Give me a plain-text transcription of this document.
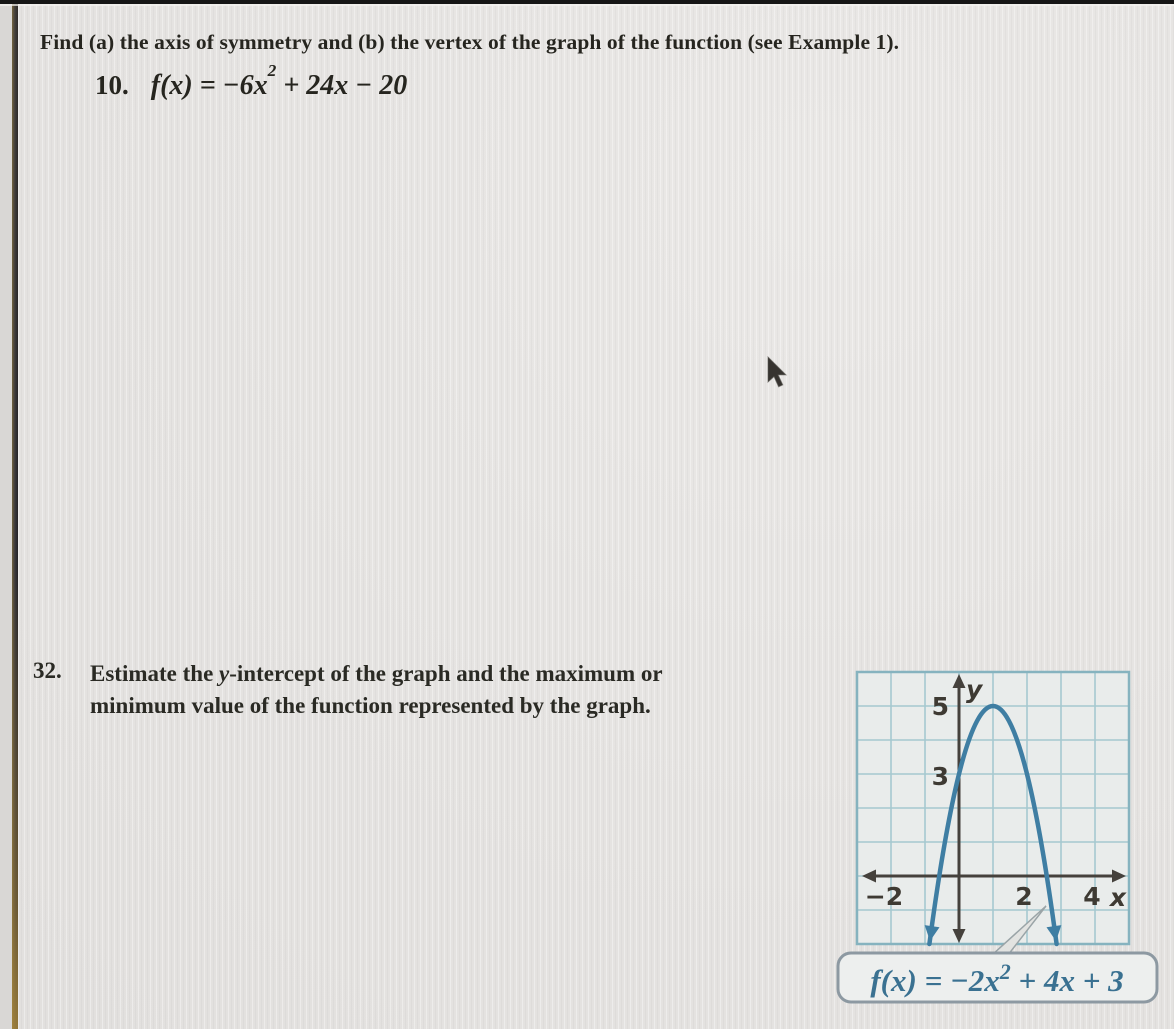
Find (a) the axis of symmetry and (b) the vertex of the graph of the function (see Example 1).
10. $f(x) = -6x^2 + 24x - 20$
32.	Estimate the y-intercept of the graph and the maximum or
minimum value of the function represented by the graph.	5
3
−2	2 4 x
y
$f(x) = -2x^2 + 4x + 3$
